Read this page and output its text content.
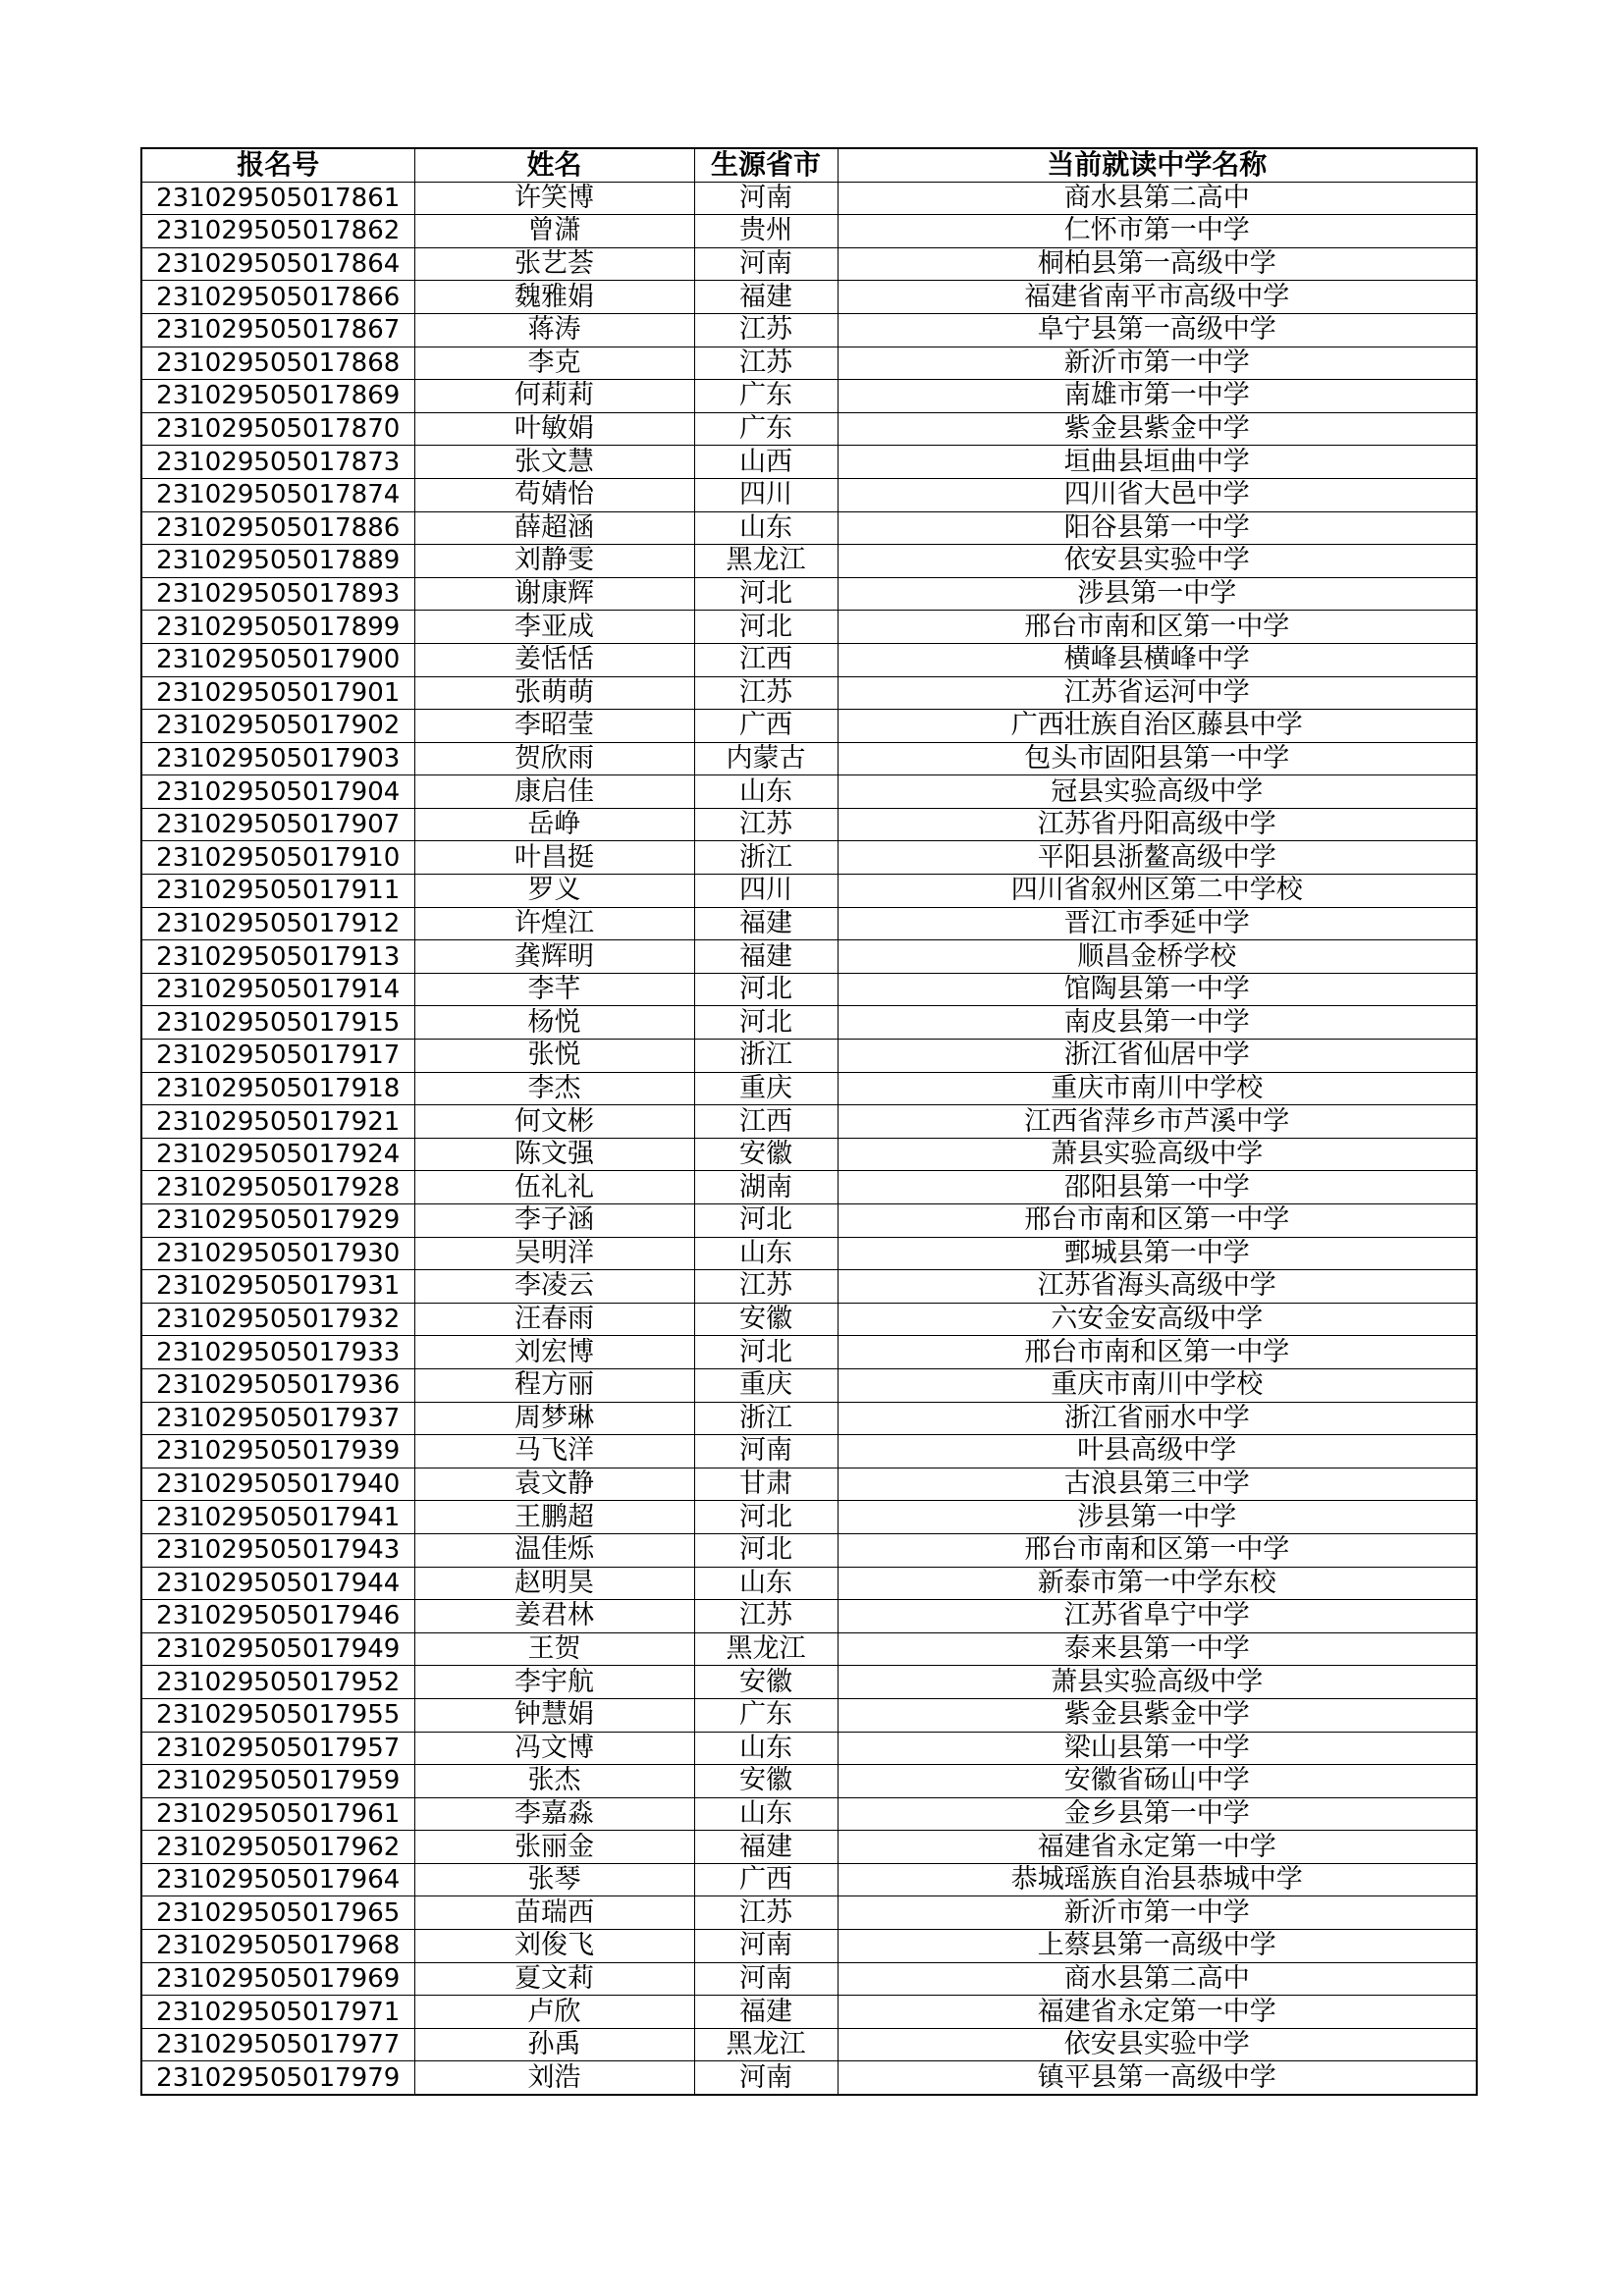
报名号	姓名	生源省市	当前就读中学名称
231029505017861	许笑博	河南	商水县第二高中
231029505017862	曾潇	贵州	仁怀市第一中学
231029505017864	张艺荟	河南	桐柏县第一高级中学
231029505017866	魏雅娟	福建	福建省南平市高级中学
231029505017867	蒋涛	江苏	阜宁县第一高级中学
231029505017868	李克	江苏	新沂市第一中学
231029505017869	何莉莉	广东	南雄市第一中学
231029505017870	叶敏娟	广东	紫金县紫金中学
231029505017873	张文慧	山西	垣曲县垣曲中学
231029505017874	苟婧怡	四川	四川省大邑中学
231029505017886	薛超涵	山东	阳谷县第一中学
231029505017889	刘静雯	黑龙江	依安县实验中学
231029505017893	谢康辉	河北	涉县第一中学
231029505017899	李亚成	河北	邢台市南和区第一中学
231029505017900	姜恬恬	江西	横峰县横峰中学
231029505017901	张萌萌	江苏	江苏省运河中学
231029505017902	李昭莹	广西	广西壮族自治区藤县中学
231029505017903	贺欣雨	内蒙古	包头市固阳县第一中学
231029505017904	康启佳	山东	冠县实验高级中学
231029505017907	岳峥	江苏	江苏省丹阳高级中学
231029505017910	叶昌挺	浙江	平阳县浙鳌高级中学
231029505017911	罗义	四川	四川省叙州区第二中学校
231029505017912	许煌江	福建	晋江市季延中学
231029505017913	龚辉明	福建	顺昌金桥学校
231029505017914	李芊	河北	馆陶县第一中学
231029505017915	杨悦	河北	南皮县第一中学
231029505017917	张悦	浙江	浙江省仙居中学
231029505017918	李杰	重庆	重庆市南川中学校
231029505017921	何文彬	江西	江西省萍乡市芦溪中学
231029505017924	陈文强	安徽	萧县实验高级中学
231029505017928	伍礼礼	湖南	邵阳县第一中学
231029505017929	李子涵	河北	邢台市南和区第一中学
231029505017930	吴明洋	山东	鄄城县第一中学
231029505017931	李凌云	江苏	江苏省海头高级中学
231029505017932	汪春雨	安徽	六安金安高级中学
231029505017933	刘宏博	河北	邢台市南和区第一中学
231029505017936	程方丽	重庆	重庆市南川中学校
231029505017937	周梦琳	浙江	浙江省丽水中学
231029505017939	马飞洋	河南	叶县高级中学
231029505017940	袁文静	甘肃	古浪县第三中学
231029505017941	王鹏超	河北	涉县第一中学
231029505017943	温佳烁	河北	邢台市南和区第一中学
231029505017944	赵明昊	山东	新泰市第一中学东校
231029505017946	姜君林	江苏	江苏省阜宁中学
231029505017949	王贺	黑龙江	泰来县第一中学
231029505017952	李宇航	安徽	萧县实验高级中学
231029505017955	钟慧娟	广东	紫金县紫金中学
231029505017957	冯文博	山东	梁山县第一中学
231029505017959	张杰	安徽	安徽省砀山中学
231029505017961	李嘉淼	山东	金乡县第一中学
231029505017962	张丽金	福建	福建省永定第一中学
231029505017964	张琴	广西	恭城瑶族自治县恭城中学
231029505017965	苗瑞西	江苏	新沂市第一中学
231029505017968	刘俊飞	河南	上蔡县第一高级中学
231029505017969	夏文莉	河南	商水县第二高中
231029505017971	卢欣	福建	福建省永定第一中学
231029505017977	孙禹	黑龙江	依安县实验中学
231029505017979	刘浩	河南	镇平县第一高级中学
